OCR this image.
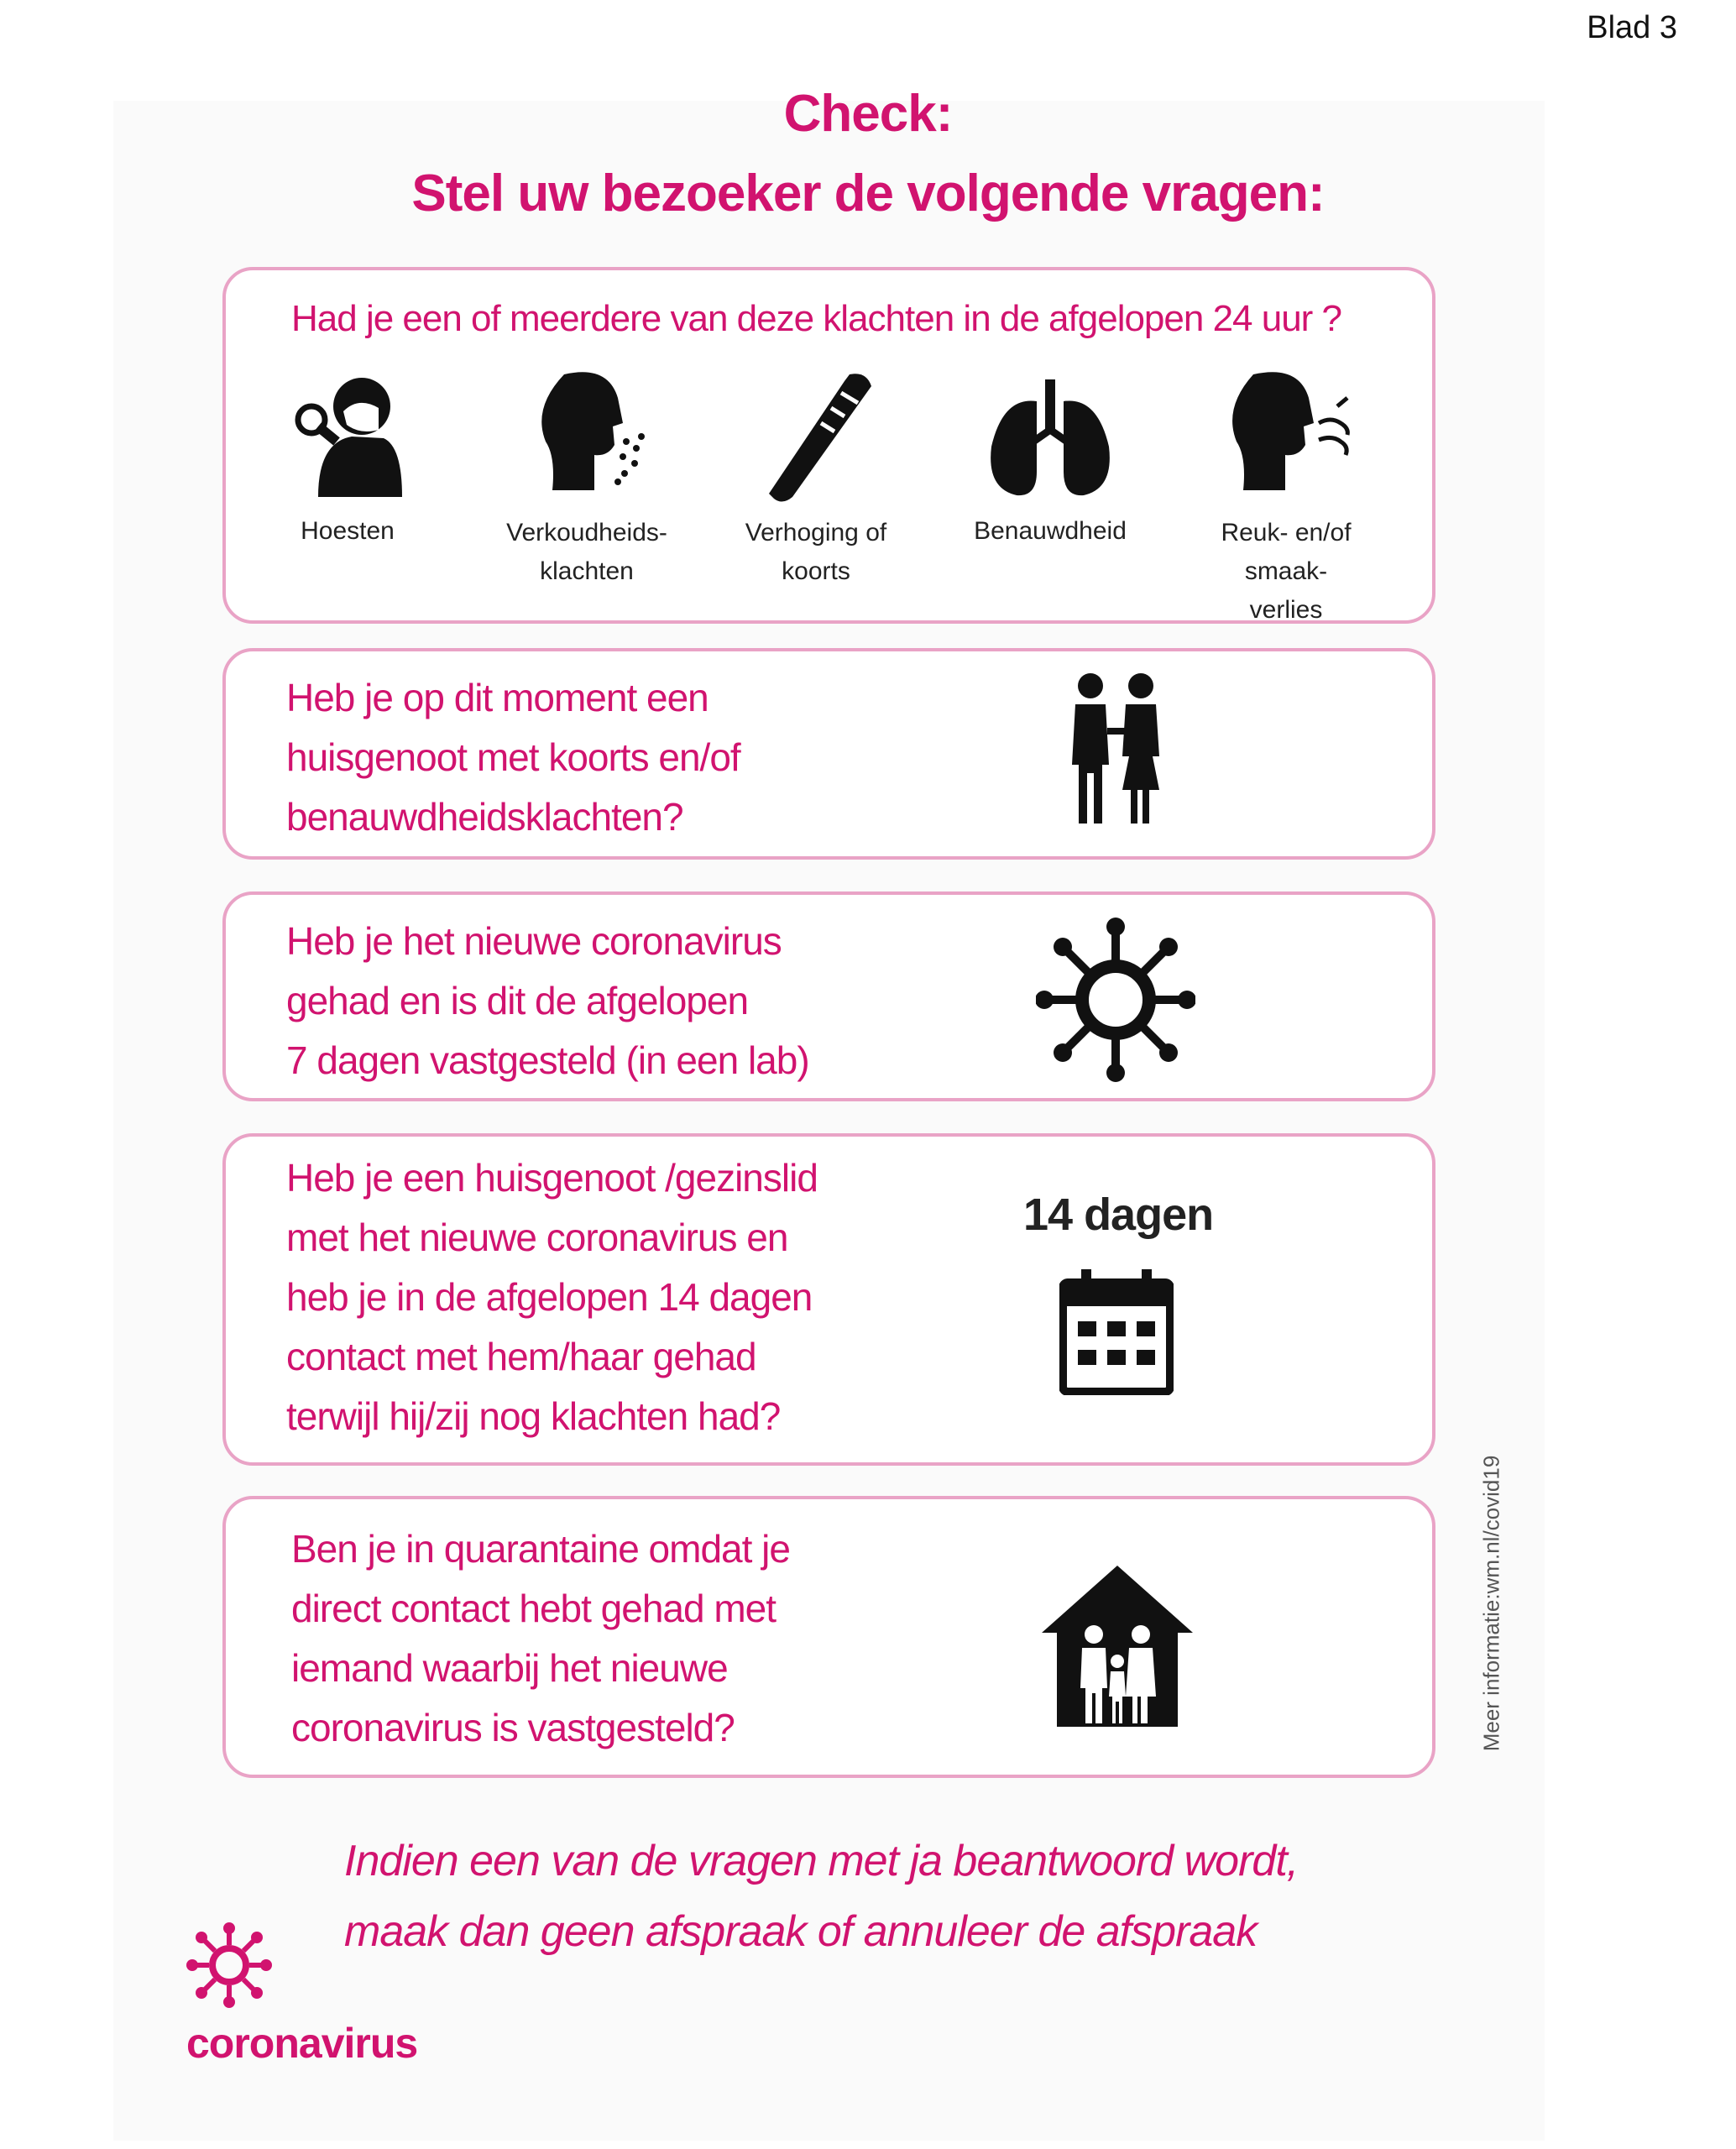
Blad 3
Check:
Stel uw bezoeker de volgende vragen:

Had je een of meerdere van deze klachten in de afgelopen 24 uur ?

Hoesten	Verkoudheids-
klachten
Verhoging of
koorts
Benauwdheid	Reuk- en/of smaak-
verlies

Heb je op dit moment een
huisgenoot met koorts en/of
benauwdheidsklachten?

Heb je het nieuwe coronavirus
gehad en is dit de afgelopen
7 dagen vastgesteld (in een lab)

Heb je een huisgenoot /gezinslid
met het nieuwe coronavirus en
heb je in de afgelopen 14 dagen
contact met hem/haar gehad
terwijl hij/zij nog klachten had?

14 dagen

Ben je in quarantaine omdat je
direct contact hebt gehad met
iemand waarbij het nieuwe
coronavirus is vastgesteld?	Meer informatie:wm.nl/covid19

Indien een van de vragen met ja beantwoord wordt,
maak dan geen afspraak of annuleer de afspraak

coronavirus
